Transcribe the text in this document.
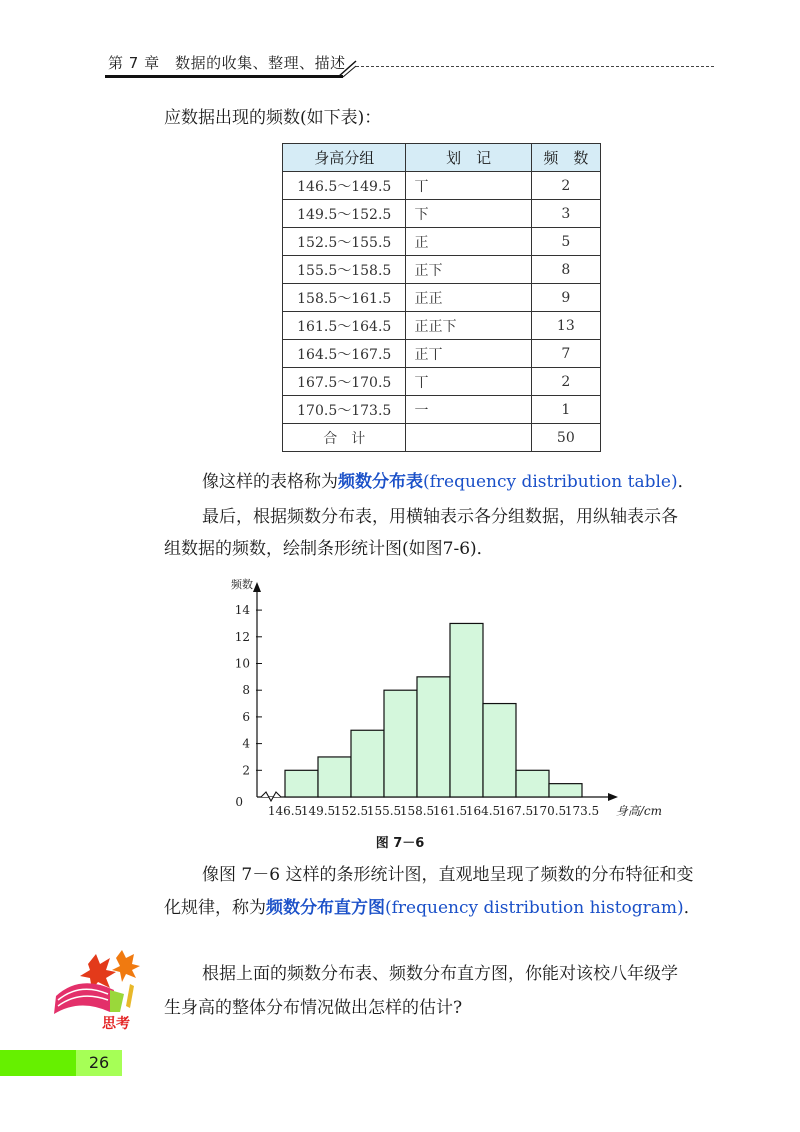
第 7 章　数据的收集、整理、描述
应数据出现的频数(如下表)：
身高分组	划　记	频　数
146.5～149.5	丅	2
149.5～152.5	下	3
152.5～155.5	正	5
155.5～158.5	正下	8
158.5～161.5	正正	9
161.5～164.5	正正下	13
164.5～167.5	正丅	7
167.5～170.5	丅	2
170.5～173.5	一	1
合　计		50
像这样的表格称为频数分布表(frequency distribution table)．
最后，根据频数分布表，用横轴表示各分组数据，用纵轴表示各
组数据的频数，绘制条形统计图(如图7-6)．
2
4
6
8
10
12
14
0
频数
146.5
149.5
152.5
155.5
158.5
161.5
164.5
167.5
170.5
173.5 身高/cm
图 7－6
像图 7－6 这样的条形统计图，直观地呈现了频数的分布特征和变
化规律，称为频数分布直方图(frequency distribution histogram)．
思考
根据上面的频数分布表、频数分布直方图，你能对该校八年级学
生身高的整体分布情况做出怎样的估计?
26
